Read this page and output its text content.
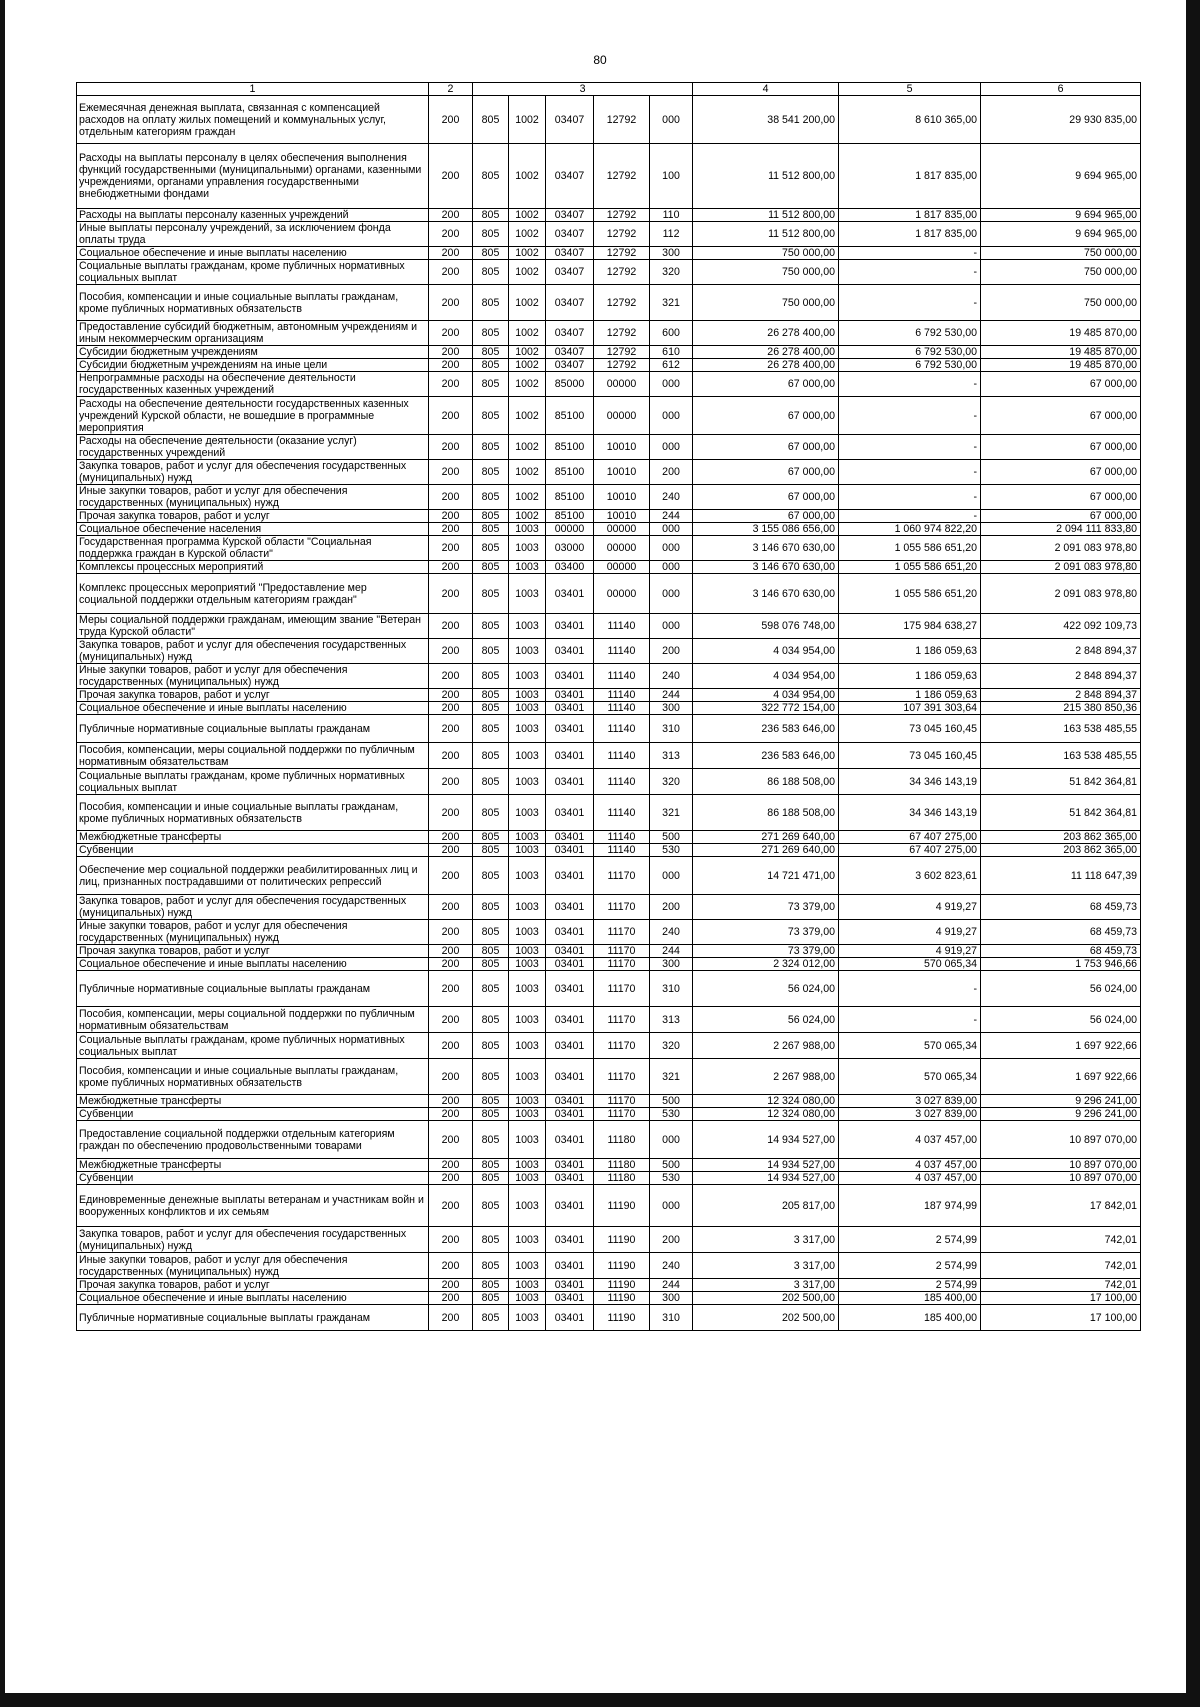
80
1	2	3					4	5	6
Ежемесячная денежная выплата, связанная с компенсацией расходов на оплату жилых помещений и коммунальных услуг, отдельным категориям граждан	200	805	1002	03407	12792	000	38 541 200,00	8 610 365,00	29 930 835,00
Расходы на выплаты персоналу в целях обеспечения выполнения функций государственными (муниципальными) органами, казенными учреждениями, органами управления государственными внебюджетными фондами	200	805	1002	03407	12792	100	11 512 800,00	1 817 835,00	9 694 965,00
Расходы на выплаты персоналу казенных учреждений	200	805	1002	03407	12792	110	11 512 800,00	1 817 835,00	9 694 965,00
Иные выплаты персоналу учреждений, за исключением фонда оплаты труда	200	805	1002	03407	12792	112	11 512 800,00	1 817 835,00	9 694 965,00
Социальное обеспечение и иные выплаты населению	200	805	1002	03407	12792	300	750 000,00	-	750 000,00
Социальные выплаты гражданам, кроме публичных нормативных социальных выплат	200	805	1002	03407	12792	320	750 000,00	-	750 000,00
Пособия, компенсации и иные социальные выплаты гражданам, кроме публичных нормативных обязательств	200	805	1002	03407	12792	321	750 000,00	-	750 000,00
Предоставление субсидий бюджетным, автономным учреждениям и иным некоммерческим организациям	200	805	1002	03407	12792	600	26 278 400,00	6 792 530,00	19 485 870,00
Субсидии бюджетным учреждениям	200	805	1002	03407	12792	610	26 278 400,00	6 792 530,00	19 485 870,00
Субсидии бюджетным учреждениям на иные цели	200	805	1002	03407	12792	612	26 278 400,00	6 792 530,00	19 485 870,00
Непрограммные расходы на обеспечение деятельности государственных казенных учреждений	200	805	1002	85000	00000	000	67 000,00	-	67 000,00
Расходы на обеспечение деятельности государственных казенных учреждений Курской области, не вошедшие в программные мероприятия	200	805	1002	85100	00000	000	67 000,00	-	67 000,00
Расходы на обеспечение деятельности (оказание услуг) государственных учреждений	200	805	1002	85100	10010	000	67 000,00	-	67 000,00
Закупка товаров, работ и услуг для обеспечения государственных (муниципальных) нужд	200	805	1002	85100	10010	200	67 000,00	-	67 000,00
Иные закупки товаров, работ и услуг для обеспечения государственных (муниципальных) нужд	200	805	1002	85100	10010	240	67 000,00	-	67 000,00
Прочая закупка товаров, работ и услуг	200	805	1002	85100	10010	244	67 000,00	-	67 000,00
Социальное обеспечение населения	200	805	1003	00000	00000	000	3 155 086 656,00	1 060 974 822,20	2 094 111 833,80
Государственная программа Курской области "Социальная поддержка граждан в Курской области"	200	805	1003	03000	00000	000	3 146 670 630,00	1 055 586 651,20	2 091 083 978,80
Комплексы процессных мероприятий	200	805	1003	03400	00000	000	3 146 670 630,00	1 055 586 651,20	2 091 083 978,80
Комплекс процессных мероприятий "Предоставление мер социальной поддержки отдельным категориям граждан"	200	805	1003	03401	00000	000	3 146 670 630,00	1 055 586 651,20	2 091 083 978,80
Меры социальной поддержки гражданам, имеющим звание "Ветеран труда Курской области"	200	805	1003	03401	11140	000	598 076 748,00	175 984 638,27	422 092 109,73
Закупка товаров, работ и услуг для обеспечения государственных (муниципальных) нужд	200	805	1003	03401	11140	200	4 034 954,00	1 186 059,63	2 848 894,37
Иные закупки товаров, работ и услуг для обеспечения государственных (муниципальных) нужд	200	805	1003	03401	11140	240	4 034 954,00	1 186 059,63	2 848 894,37
Прочая закупка товаров, работ и услуг	200	805	1003	03401	11140	244	4 034 954,00	1 186 059,63	2 848 894,37
Социальное обеспечение и иные выплаты населению	200	805	1003	03401	11140	300	322 772 154,00	107 391 303,64	215 380 850,36
Публичные нормативные социальные выплаты гражданам	200	805	1003	03401	11140	310	236 583 646,00	73 045 160,45	163 538 485,55
Пособия, компенсации, меры социальной поддержки по публичным нормативным обязательствам	200	805	1003	03401	11140	313	236 583 646,00	73 045 160,45	163 538 485,55
Социальные выплаты гражданам, кроме публичных нормативных социальных выплат	200	805	1003	03401	11140	320	86 188 508,00	34 346 143,19	51 842 364,81
Пособия, компенсации и иные социальные выплаты гражданам, кроме публичных нормативных обязательств	200	805	1003	03401	11140	321	86 188 508,00	34 346 143,19	51 842 364,81
Межбюджетные трансферты	200	805	1003	03401	11140	500	271 269 640,00	67 407 275,00	203 862 365,00
Субвенции	200	805	1003	03401	11140	530	271 269 640,00	67 407 275,00	203 862 365,00
Обеспечение мер социальной поддержки реабилитированных лиц и лиц, признанных пострадавшими от политических репрессий	200	805	1003	03401	11170	000	14 721 471,00	3 602 823,61	11 118 647,39
Закупка товаров, работ и услуг для обеспечения государственных (муниципальных) нужд	200	805	1003	03401	11170	200	73 379,00	4 919,27	68 459,73
Иные закупки товаров, работ и услуг для обеспечения государственных (муниципальных) нужд	200	805	1003	03401	11170	240	73 379,00	4 919,27	68 459,73
Прочая закупка товаров, работ и услуг	200	805	1003	03401	11170	244	73 379,00	4 919,27	68 459,73
Социальное обеспечение и иные выплаты населению	200	805	1003	03401	11170	300	2 324 012,00	570 065,34	1 753 946,66
Публичные нормативные социальные выплаты гражданам	200	805	1003	03401	11170	310	56 024,00	-	56 024,00
Пособия, компенсации, меры социальной поддержки по публичным нормативным обязательствам	200	805	1003	03401	11170	313	56 024,00	-	56 024,00
Социальные выплаты гражданам, кроме публичных нормативных социальных выплат	200	805	1003	03401	11170	320	2 267 988,00	570 065,34	1 697 922,66
Пособия, компенсации и иные социальные выплаты гражданам, кроме публичных нормативных обязательств	200	805	1003	03401	11170	321	2 267 988,00	570 065,34	1 697 922,66
Межбюджетные трансферты	200	805	1003	03401	11170	500	12 324 080,00	3 027 839,00	9 296 241,00
Субвенции	200	805	1003	03401	11170	530	12 324 080,00	3 027 839,00	9 296 241,00
Предоставление социальной поддержки отдельным категориям граждан по обеспечению продовольственными товарами	200	805	1003	03401	11180	000	14 934 527,00	4 037 457,00	10 897 070,00
Межбюджетные трансферты	200	805	1003	03401	11180	500	14 934 527,00	4 037 457,00	10 897 070,00
Субвенции	200	805	1003	03401	11180	530	14 934 527,00	4 037 457,00	10 897 070,00
Единовременные денежные выплаты ветеранам и участникам войн и вооруженных конфликтов и их семьям	200	805	1003	03401	11190	000	205 817,00	187 974,99	17 842,01
Закупка товаров, работ и услуг для обеспечения государственных (муниципальных) нужд	200	805	1003	03401	11190	200	3 317,00	2 574,99	742,01
Иные закупки товаров, работ и услуг для обеспечения государственных (муниципальных) нужд	200	805	1003	03401	11190	240	3 317,00	2 574,99	742,01
Прочая закупка товаров, работ и услуг	200	805	1003	03401	11190	244	3 317,00	2 574,99	742,01
Социальное обеспечение и иные выплаты населению	200	805	1003	03401	11190	300	202 500,00	185 400,00	17 100,00
Публичные нормативные социальные выплаты гражданам	200	805	1003	03401	11190	310	202 500,00	185 400,00	17 100,00
